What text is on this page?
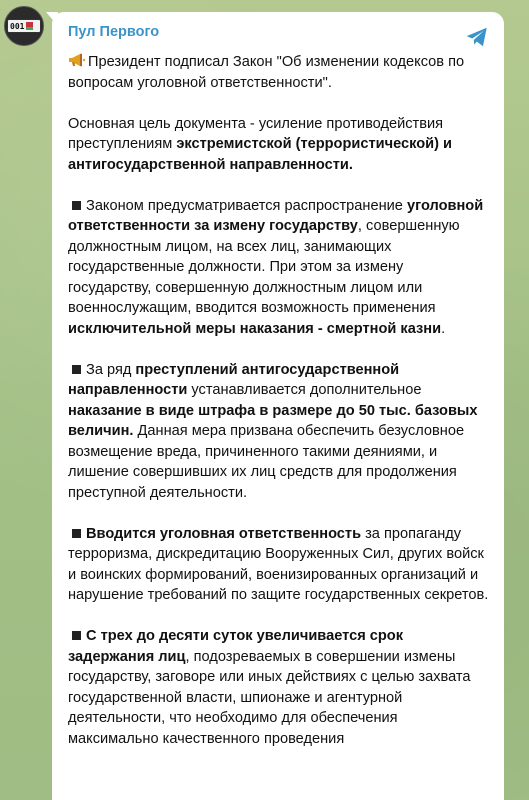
001	Пул Первого

Президент подписал Закон "Об изменении кодексов по вопросам уголовной ответственности".

Основная цель документа - усиление противодействия преступлениям экстремистской (террористической) и антигосударственной направленности.

Законом предусматривается распространение уголовной ответственности за измену государству, совершенную должностным лицом, на всех лиц, занимающих государственные должности. При этом за измену государству, совершенную должностным лицом или военнослужащим, вводится возможность применения исключительной меры наказания - смертной казни.

За ряд преступлений антигосударственной направленности устанавливается дополнительное наказание в виде штрафа в размере до 50 тыс. базовых величин. Данная мера призвана обеспечить безусловное возмещение вреда, причиненного такими деяниями, и лишение совершивших их лиц средств для продолжения преступной деятельности.

Вводится уголовная ответственность за пропаганду терроризма, дискредитацию Вооруженных Сил, других войск и воинских формирований, военизированных организаций и нарушение требований по защите государственных секретов.

С трех до десяти суток увеличивается срок задержания лиц, подозреваемых в совершении измены государству, заговоре или иных действиях с целью захвата государственной власти, шпионаже и агентурной деятельности, что необходимо для обеспечения максимально качественного проведения
